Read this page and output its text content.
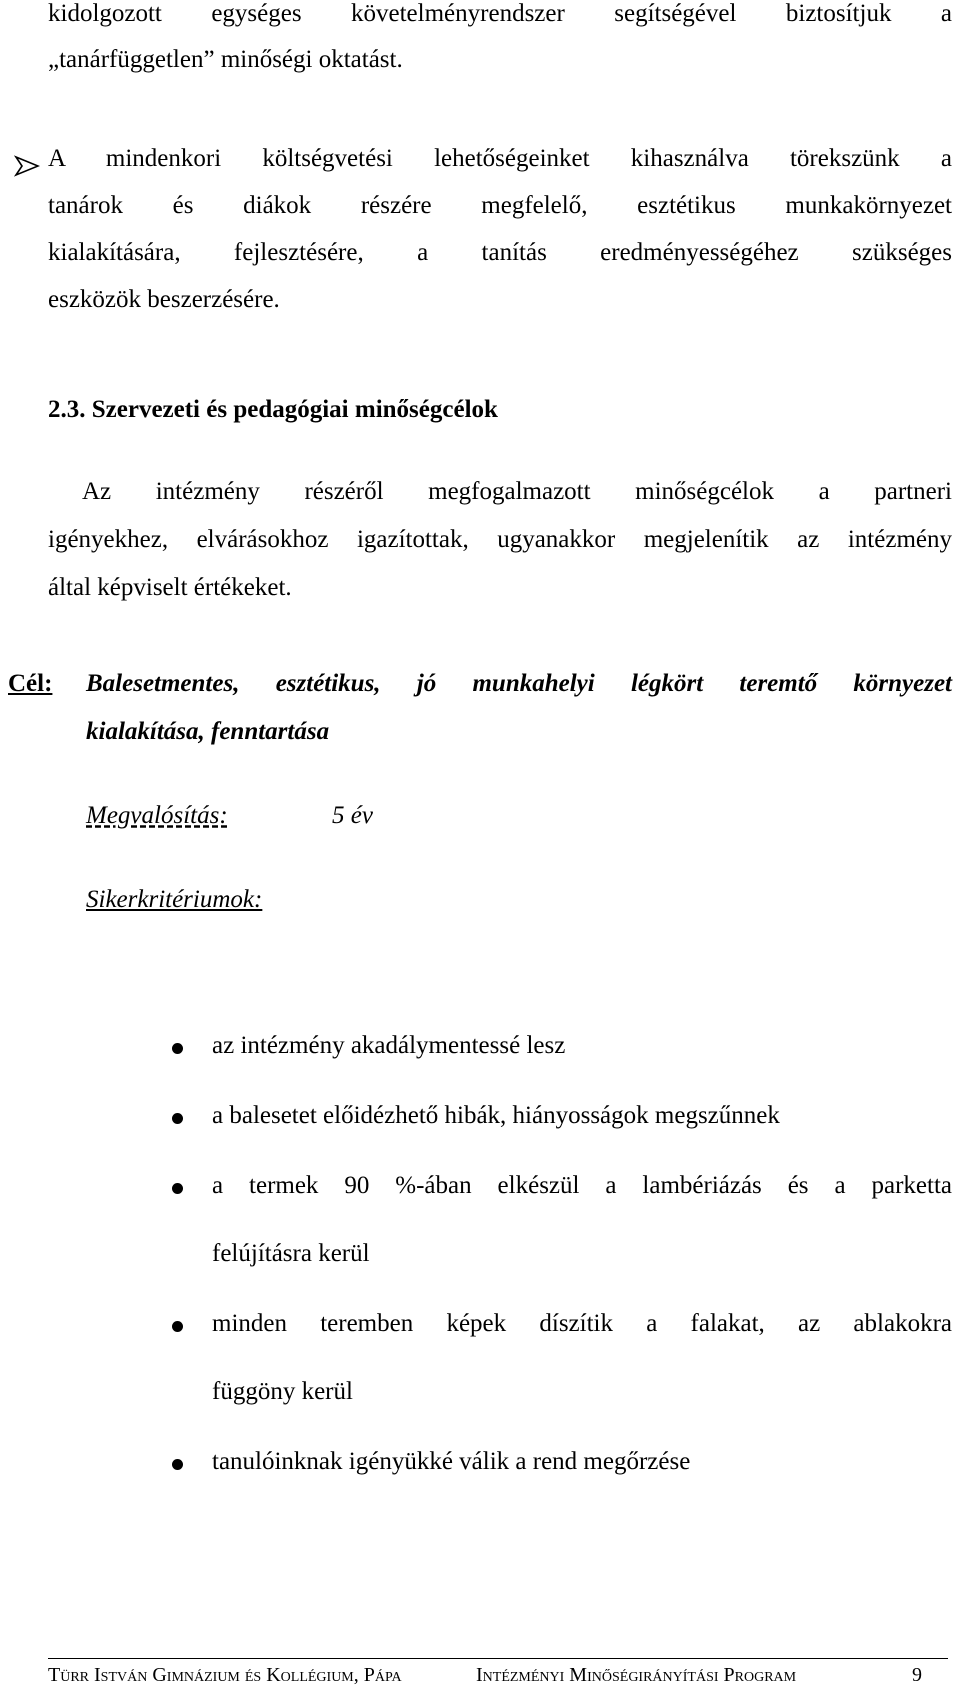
kidolgozott egységes követelményrendszer segítségével biztosítjuk a
„tanárfüggetlen” minőségi oktatást.
A mindenkori költségvetési lehetőségeinket kihasználva törekszünk a
tanárok és diákok részére megfelelő, esztétikus munkakörnyezet
kialakítására, fejlesztésére, a tanítás eredményességéhez szükséges
eszközök beszerzésére.
2.3. Szervezeti és pedagógiai minőségcélok
Az intézmény részéről megfogalmazott minőségcélok a partneri
igényekhez, elvárásokhoz igazítottak, ugyanakkor megjelenítik az intézmény
által képviselt értékeket.
Cél: Balesetmentes, esztétikus, jó munkahelyi légkört teremtő környezet
kialakítása, fenntartása
Megvalósítás:	5 év
Sikerkritériumok:
az intézmény akadálymentessé lesz
a balesetet előidézhető hibák, hiányosságok megszűnnek
a termek 90 %-ában elkészül a lambériázás és a parketta
felújításra kerül
minden teremben képek díszítik a falakat, az ablakokra
függöny kerül
tanulóinknak igényükké válik a rend megőrzése
Türr István Gimnázium és Kollégium, Pápa	Intézményi Minőségirányítási Program	9
